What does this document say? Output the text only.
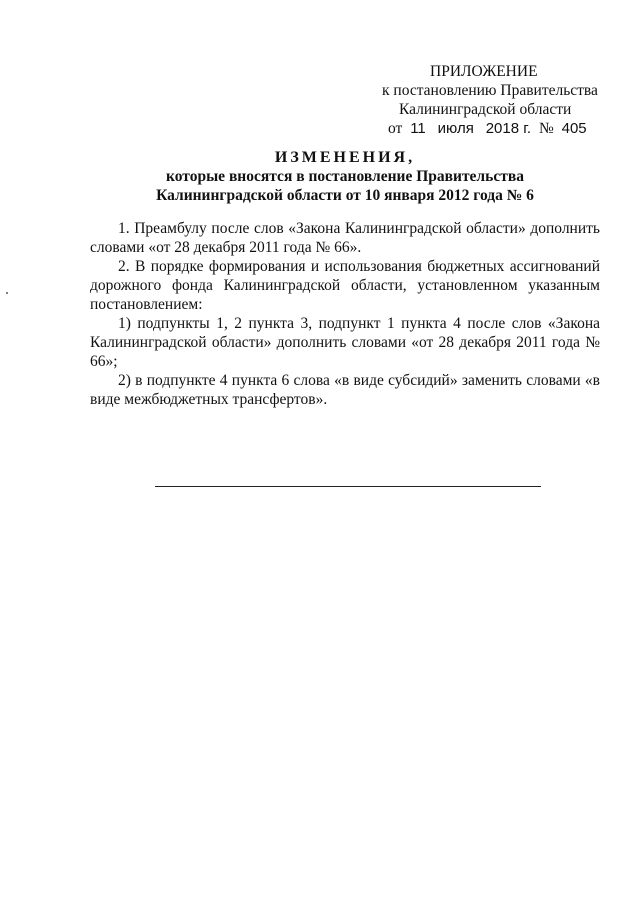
ПРИЛОЖЕНИЕ
к постановлению Правительства
Калининградской области
от 11 июля 2018 г. № 405
ИЗМЕНЕНИЯ,
которые вносятся в постановление Правительства
Калининградской области от 10 января 2012 года № 6

1. Преамбулу после слов «Закона Калининградской области» дополнить словами «от 28 декабря 2011 года № 66».

2. В порядке формирования и использования бюджетных ассигнований дорожного фонда Калининградской области, установленном указанным постановлением:

1) подпункты 1, 2 пункта 3, подпункт 1 пункта 4 после слов «Закона Калининградской области» дополнить словами «от 28 декабря 2011 года № 66»;

2) в подпункте 4 пункта 6 слова «в виде субсидий» заменить словами «в виде межбюджетных трансфертов».
